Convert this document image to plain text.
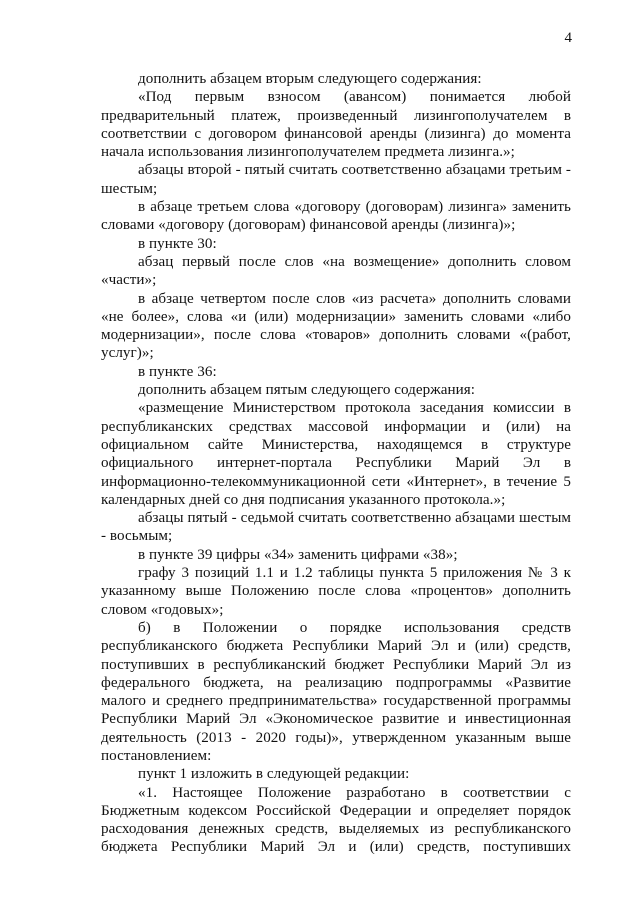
4

дополнить абзацем вторым следующего содержания:

«Под первым взносом (авансом) понимается любой предварительный платеж, произведенный лизингополучателем в соответствии с договором финансовой аренды (лизинга) до момента начала использования лизингополучателем предмета лизинга.»;

абзацы второй - пятый считать соответственно абзацами третьим - шестым;

в абзаце третьем слова «договору (договорам) лизинга» заменить словами «договору (договорам) финансовой аренды (лизинга)»;

в пункте 30:

абзац первый после слов «на возмещение» дополнить словом «части»;

в абзаце четвертом после слов «из расчета» дополнить словами «не более», слова «и (или) модернизации» заменить словами «либо модернизации», после слова «товаров» дополнить словами «(работ, услуг)»;

в пункте 36:

дополнить абзацем пятым следующего содержания:

«размещение Министерством протокола заседания комиссии в республиканских средствах массовой информации и (или) на официальном сайте Министерства, находящемся в структуре официального интернет-портала Республики Марий Эл в информационно-телекоммуникационной сети «Интернет», в течение 5 календарных дней со дня подписания указанного протокола.»;

абзацы пятый - седьмой считать соответственно абзацами шестым - восьмым;

в пункте 39 цифры «34» заменить цифрами «38»;

графу 3 позиций 1.1 и 1.2 таблицы пункта 5 приложения № 3 к указанному выше Положению после слова «процентов» дополнить словом «годовых»;

б) в Положении о порядке использования средств республиканского бюджета Республики Марий Эл и (или) средств, поступивших в республиканский бюджет Республики Марий Эл из федерального бюджета, на реализацию подпрограммы «Развитие малого и среднего предпринимательства» государственной программы Республики Марий Эл «Экономическое развитие и инвестиционная деятельность (2013 - 2020 годы)», утвержденном указанным выше постановлением:

пункт 1 изложить в следующей редакции:

«1. Настоящее Положение разработано в соответствии с Бюджетным кодексом Российской Федерации и определяет порядок расходования денежных средств, выделяемых из республиканского бюджета Республики Марий Эл и (или) средств, поступивших
